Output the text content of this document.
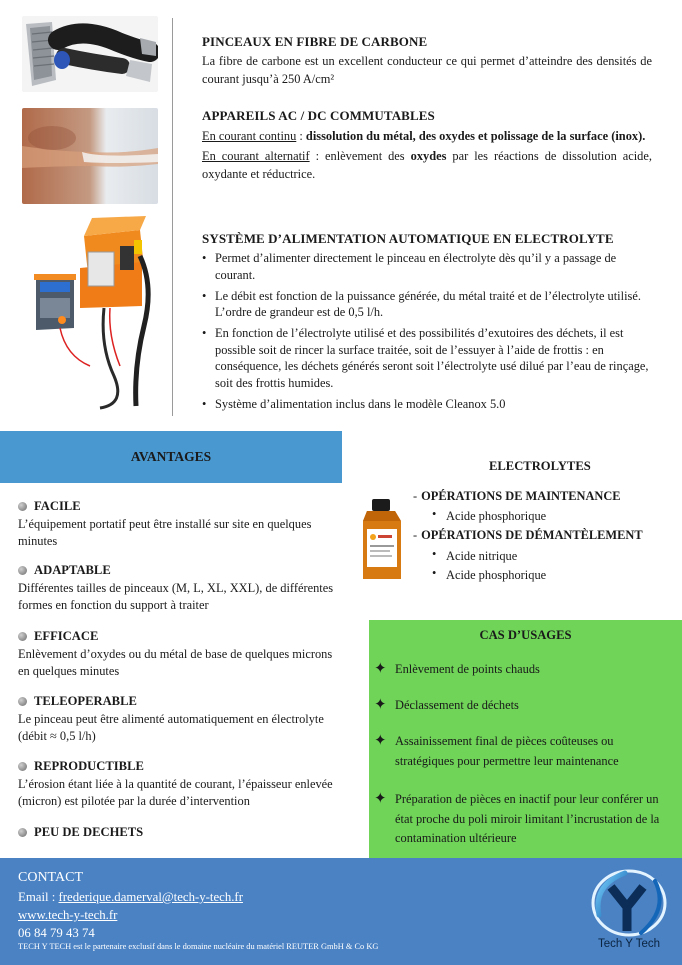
PINCEAUX EN FIBRE DE CARBONE
La fibre de carbone est un excellent conducteur ce qui permet d’atteindre des densités de courant jusqu’à 250 A/cm²
APPAREILS AC / DC COMMUTABLES

En courant continu : dissolution du métal, des oxydes et polissage de la surface (inox).

En courant alternatif : enlèvement des oxydes par les réactions de dissolution acide, oxydante et réductrice.

SYSTÈME D’ALIMENTATION AUTOMATIQUE EN ELECTROLYTE
• Permet d’alimenter directement le pinceau en électrolyte dès qu’il y a passage de courant.
• Le débit est fonction de la puissance générée, du métal traité et de l’électrolyte utilisé. L’ordre de grandeur est de 0,5 l/h.
• En fonction de l’électrolyte utilisé et des possibilités d’exutoires des déchets, il est possible soit de rincer la surface traitée, soit de l’essuyer à l’aide de frottis : en conséquence, les déchets générés seront soit l’électrolyte usé dilué par l’eau de rinçage, soit des frottis humides.
• Système d’alimentation inclus dans le modèle Cleanox 5.0
AVANTAGES
FACILE
L’équipement portatif peut être installé sur site en quelques minutes
ADAPTABLE
Différentes tailles de pinceaux (M, L, XL, XXL), de différentes formes en fonction du support à traiter
EFFICACE
Enlèvement d’oxydes ou du métal de base de quelques microns en quelques minutes
TELEOPERABLE
Le pinceau peut être alimenté automatiquement en électrolyte (débit ≈ 0,5 l/h)
REPRODUCTIBLE
L’érosion étant liée à la quantité de courant, l’épaisseur enlevée (micron) est pilotée par la durée d’intervention
PEU DE DECHETS
ELECTROLYTES
- OPÉRATIONS DE MAINTENANCE
• Acide phosphorique
- OPÉRATIONS DE DÉMANTÈLEMENT
• Acide nitrique
• Acide phosphorique
CAS D’USAGES
✦ Enlèvement de points chauds
✦ Déclassement de déchets
✦ Assainissement final de pièces coûteuses ou stratégiques pour permettre leur maintenance
✦ Préparation de pièces en inactif pour leur conférer un état proche du poli miroir limitant l’incrustation de la contamination ultérieure
CONTACT
Email : frederique.damerval@tech-y-tech.fr
www.tech-y-tech.fr
06 84 79 43 74
TECH Y TECH est le partenaire exclusif dans le domaine nucléaire du matériel REUTER GmbH & Co KG	Tech Y Tech
